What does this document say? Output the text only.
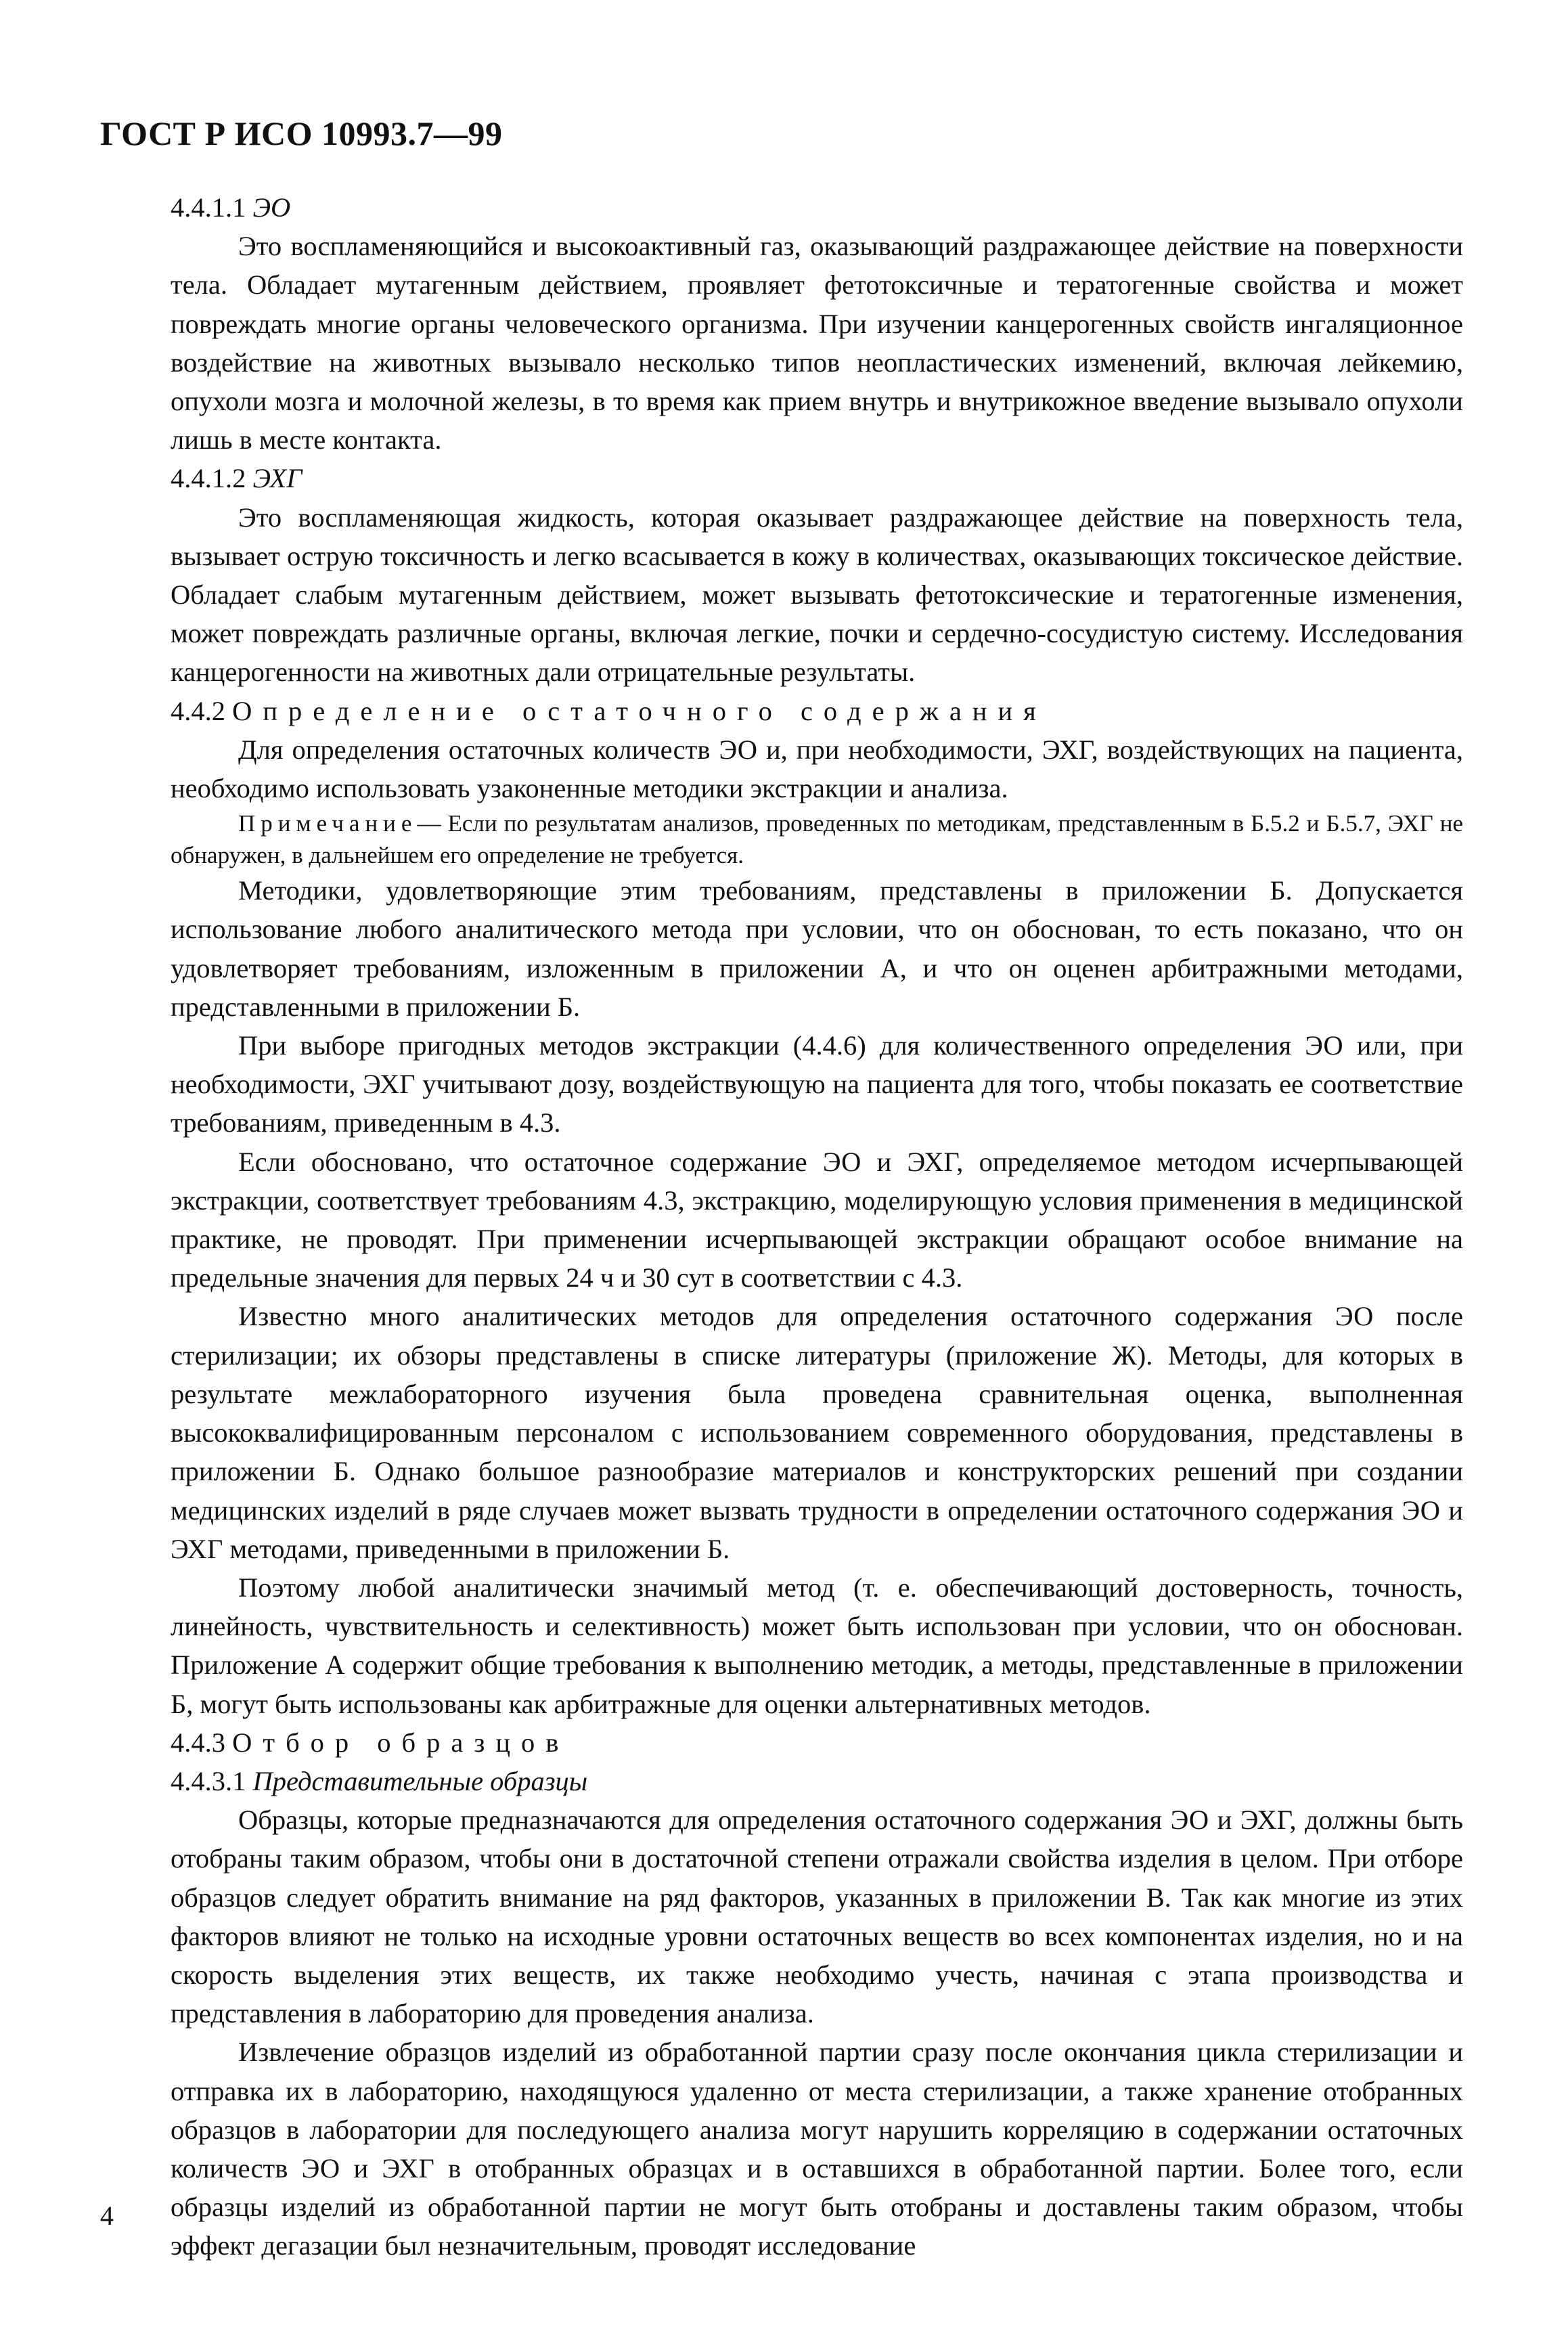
ГОСТ Р ИСО 10993.7—99

4.4.1.1 ЭО

Это воспламеняющийся и высокоактивный газ, оказывающий раздражающее действие на поверхности тела. Обладает мутагенным действием, проявляет фетотоксичные и тератогенные свойства и может повреждать многие органы человеческого организма. При изучении канцерогенных свойств ингаляционное воздействие на животных вызывало несколько типов неопластических изменений, включая лейкемию, опухоли мозга и молочной железы, в то время как прием внутрь и внутрикожное введение вызывало опухоли лишь в месте контакта.

4.4.1.2 ЭХГ

Это воспламеняющая жидкость, которая оказывает раздражающее действие на поверхность тела, вызывает острую токсичность и легко всасывается в кожу в количествах, оказывающих токсическое действие. Обладает слабым мутагенным действием, может вызывать фетотоксические и тератогенные изменения, может повреждать различные органы, включая легкие, почки и сердечно-сосудистую систему. Исследования канцерогенности на животных дали отрицательные результаты.

4.4.2 Определение остаточного содержания

Для определения остаточных количеств ЭО и, при необходимости, ЭХГ, воздействующих на пациента, необходимо использовать узаконенные методики экстракции и анализа.

Примечание— Если по результатам анализов, проведенных по методикам, представленным в Б.5.2 и Б.5.7, ЭХГ не обнаружен, в дальнейшем его определение не требуется.

Методики, удовлетворяющие этим требованиям, представлены в приложении Б. Допускается использование любого аналитического метода при условии, что он обоснован, то есть показано, что он удовлетворяет требованиям, изложенным в приложении А, и что он оценен арбитражными методами, представленными в приложении Б.

При выборе пригодных методов экстракции (4.4.6) для количественного определения ЭО или, при необходимости, ЭХГ учитывают дозу, воздействующую на пациента для того, чтобы показать ее соответствие требованиям, приведенным в 4.3.

Если обосновано, что остаточное содержание ЭО и ЭХГ, определяемое методом исчерпывающей экстракции, соответствует требованиям 4.3, экстракцию, моделирующую условия применения в медицинской практике, не проводят. При применении исчерпывающей экстракции обращают особое внимание на предельные значения для первых 24 ч и 30 сут в соответствии с 4.3.

Известно много аналитических методов для определения остаточного содержания ЭО после стерилизации; их обзоры представлены в списке литературы (приложение Ж). Методы, для которых в результате межлабораторного изучения была проведена сравнительная оценка, выполненная высококвалифицированным персоналом с использованием современного оборудования, представлены в приложении Б. Однако большое разнообразие материалов и конструкторских решений при создании медицинских изделий в ряде случаев может вызвать трудности в определении остаточного содержания ЭО и ЭХГ методами, приведенными в приложении Б.

Поэтому любой аналитически значимый метод (т. е. обеспечивающий достоверность, точность, линейность, чувствительность и селективность) может быть использован при условии, что он обоснован. Приложение А содержит общие требования к выполнению методик, а методы, представленные в приложении Б, могут быть использованы как арбитражные для оценки альтернативных методов.

4.4.3 Отбор образцов

4.4.3.1 Представительные образцы

Образцы, которые предназначаются для определения остаточного содержания ЭО и ЭХГ, должны быть отобраны таким образом, чтобы они в достаточной степени отражали свойства изделия в целом. При отборе образцов следует обратить внимание на ряд факторов, указанных в приложении В. Так как многие из этих факторов влияют не только на исходные уровни остаточных веществ во всех компонентах изделия, но и на скорость выделения этих веществ, их также необходимо учесть, начиная с этапа производства и представления в лабораторию для проведения анализа.

Извлечение образцов изделий из обработанной партии сразу после окончания цикла стерилизации и отправка их в лабораторию, находящуюся удаленно от места стерилизации, а также хранение отобранных образцов в лаборатории для последующего анализа могут нарушить корреляцию в содержании остаточных количеств ЭО и ЭХГ в отобранных образцах и в оставшихся в обработанной партии. Более того, если образцы изделий из обработанной партии не могут быть отобраны и доставлены таким образом, чтобы эффект дегазации был незначительным, проводят исследование

4
